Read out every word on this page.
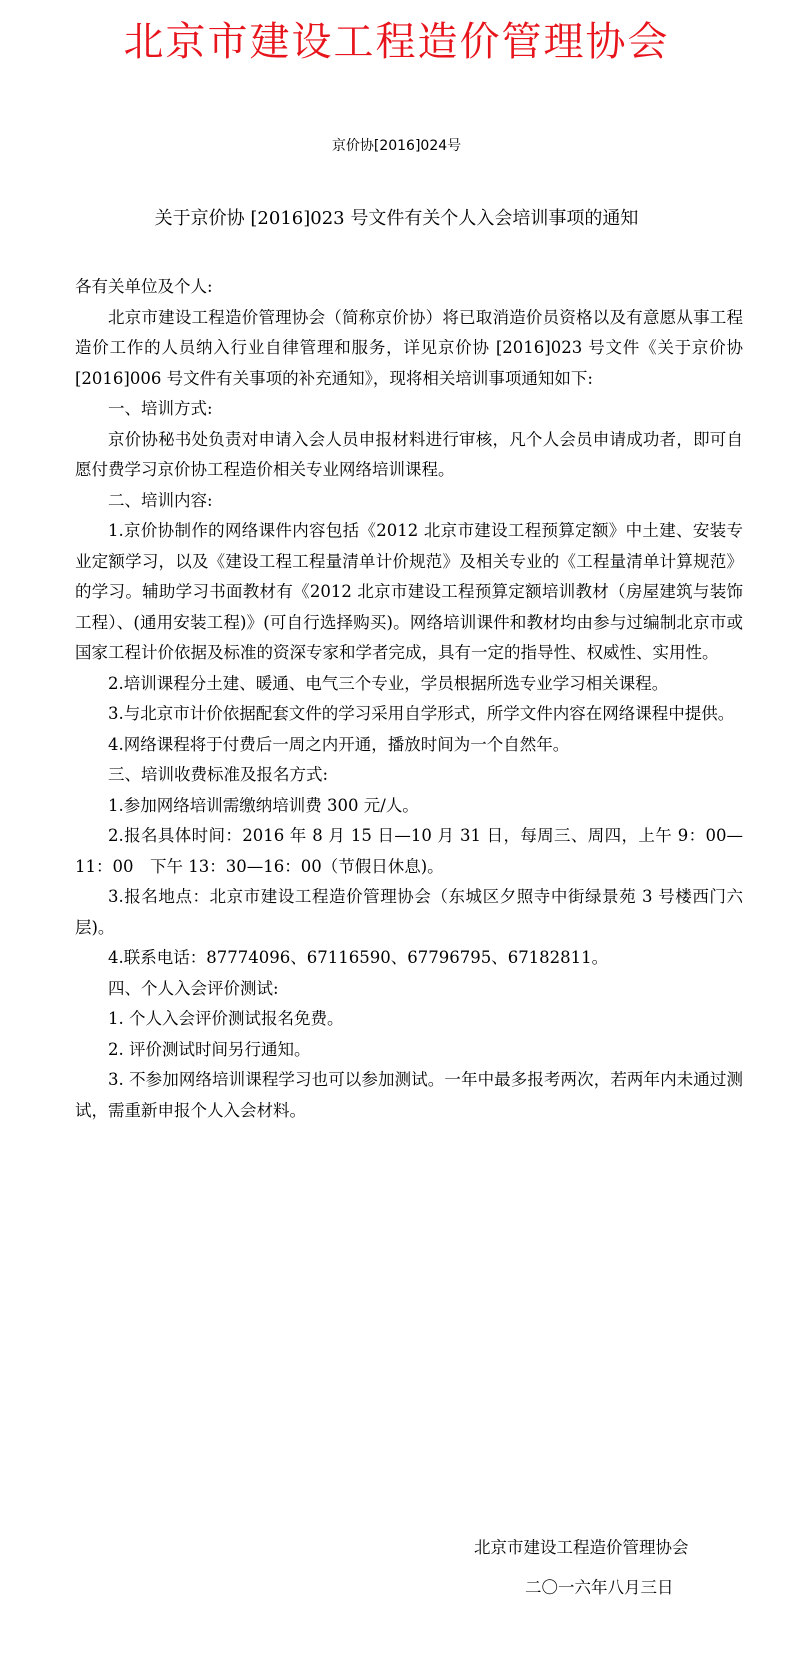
北京市建设工程造价管理协会
京价协[2016]024号
关于京价协 [2016]023 号文件有关个人入会培训事项的通知

各有关单位及个人:

北京市建设工程造价管理协会（简称京价协）将已取消造价员资格以及有意愿从事工程造价工作的人员纳入行业自律管理和服务，详见京价协 [2016]023 号文件《关于京价协[2016]006 号文件有关事项的补充通知》，现将相关培训事项通知如下:

一、培训方式:

京价协秘书处负责对申请入会人员申报材料进行审核，凡个人会员申请成功者，即可自愿付费学习京价协工程造价相关专业网络培训课程。

二、培训内容:

1.京价协制作的网络课件内容包括《2012 北京市建设工程预算定额》中土建、安装专业定额学习，以及《建设工程工程量清单计价规范》及相关专业的《工程量清单计算规范》的学习。辅助学习书面教材有《2012 北京市建设工程预算定额培训教材（房屋建筑与装饰工程）、(通用安装工程)》(可自行选择购买)。网络培训课件和教材均由参与过编制北京市或国家工程计价依据及标准的资深专家和学者完成，具有一定的指导性、权威性、实用性。

2.培训课程分土建、暖通、电气三个专业，学员根据所选专业学习相关课程。

3.与北京市计价依据配套文件的学习采用自学形式，所学文件内容在网络课程中提供。

4.网络课程将于付费后一周之内开通，播放时间为一个自然年。

三、培训收费标准及报名方式:

1.参加网络培训需缴纳培训费 300 元/人。

2.报名具体时间：2016 年 8 月 15 日—10 月 31 日，每周三、周四，上午 9：00—11：00　下午 13：30—16：00（节假日休息)。

3.报名地点：北京市建设工程造价管理协会（东城区夕照寺中街绿景苑 3 号楼西门六层)。

4.联系电话：87774096、67116590、67796795、67182811。

四、个人入会评价测试:

1. 个人入会评价测试报名免费。

2. 评价测试时间另行通知。

3. 不参加网络培训课程学习也可以参加测试。一年中最多报考两次，若两年内未通过测试，需重新申报个人入会材料。

北京市建设工程造价管理协会
二〇一六年八月三日
